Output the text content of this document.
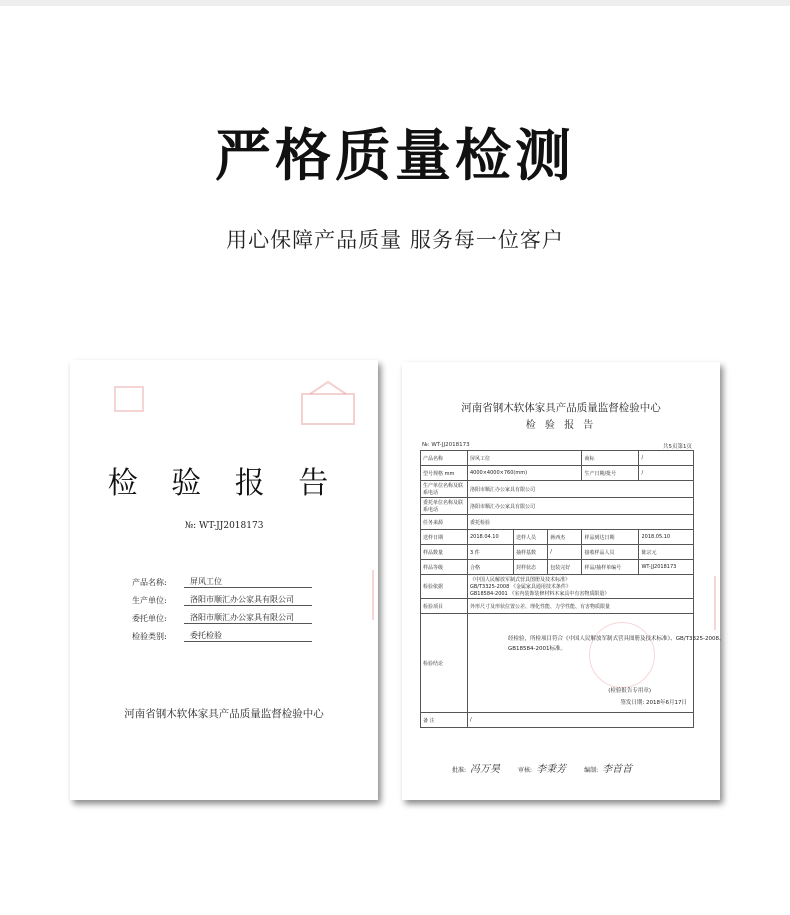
严格质量检测
用心保障产品质量 服务每一位客户
检 验 报 告
№: WT-JJ2018173
产品名称:	屏风工位
生产单位:	洛阳市顺汇办公家具有限公司
委托单位:	洛阳市顺汇办公家具有限公司
检验类别:	委托检验
河南省钢木软体家具产品质量监督检验中心
河南省钢木软体家具产品质量监督检验中心
检 验 报 告
№: WT-JJ2018173	共5页第1页
产品名称	屏风工位			商标	/
型号规格 mm	4000×4000×760(mm)			生产日期/批号	/
生产单位名称及联系电话	洛阳市顺汇办公家具有限公司				
委托单位名称及联系电话	洛阳市顺汇办公家具有限公司				
任务来源	委托检验				
送样日期	2018.04.10	送样人员	蒋西杰	样品到达日期	2018.05.10
样品数量	3 件	抽样基数	/	接收样品人员	陈宗元
样品等级	合格	封样状态	包装完好	样品/抽样单编号	WT-JJ2018173
检验依据	《中国人民解放军制式营具图册及技术标准》
GB/T3325-2008 《金属家具通用技术条件》
GB18584-2001 《室内装饰装修材料木家具中有害物质限量》				

检验项目	外形尺寸及形状位置公差、理化性能、力学性能、有害物质限量				
检验结论	经检验，所检项目符合《中国人民解放军制式营具图册及技术标准》、GB/T3325-2008、GB18584-2001标准。
(检验报告专用章)
签发日期: 2018年6月17日				

备 注	/				
批准: 冯万昊	审核: 李秉芳	编制: 李首首
